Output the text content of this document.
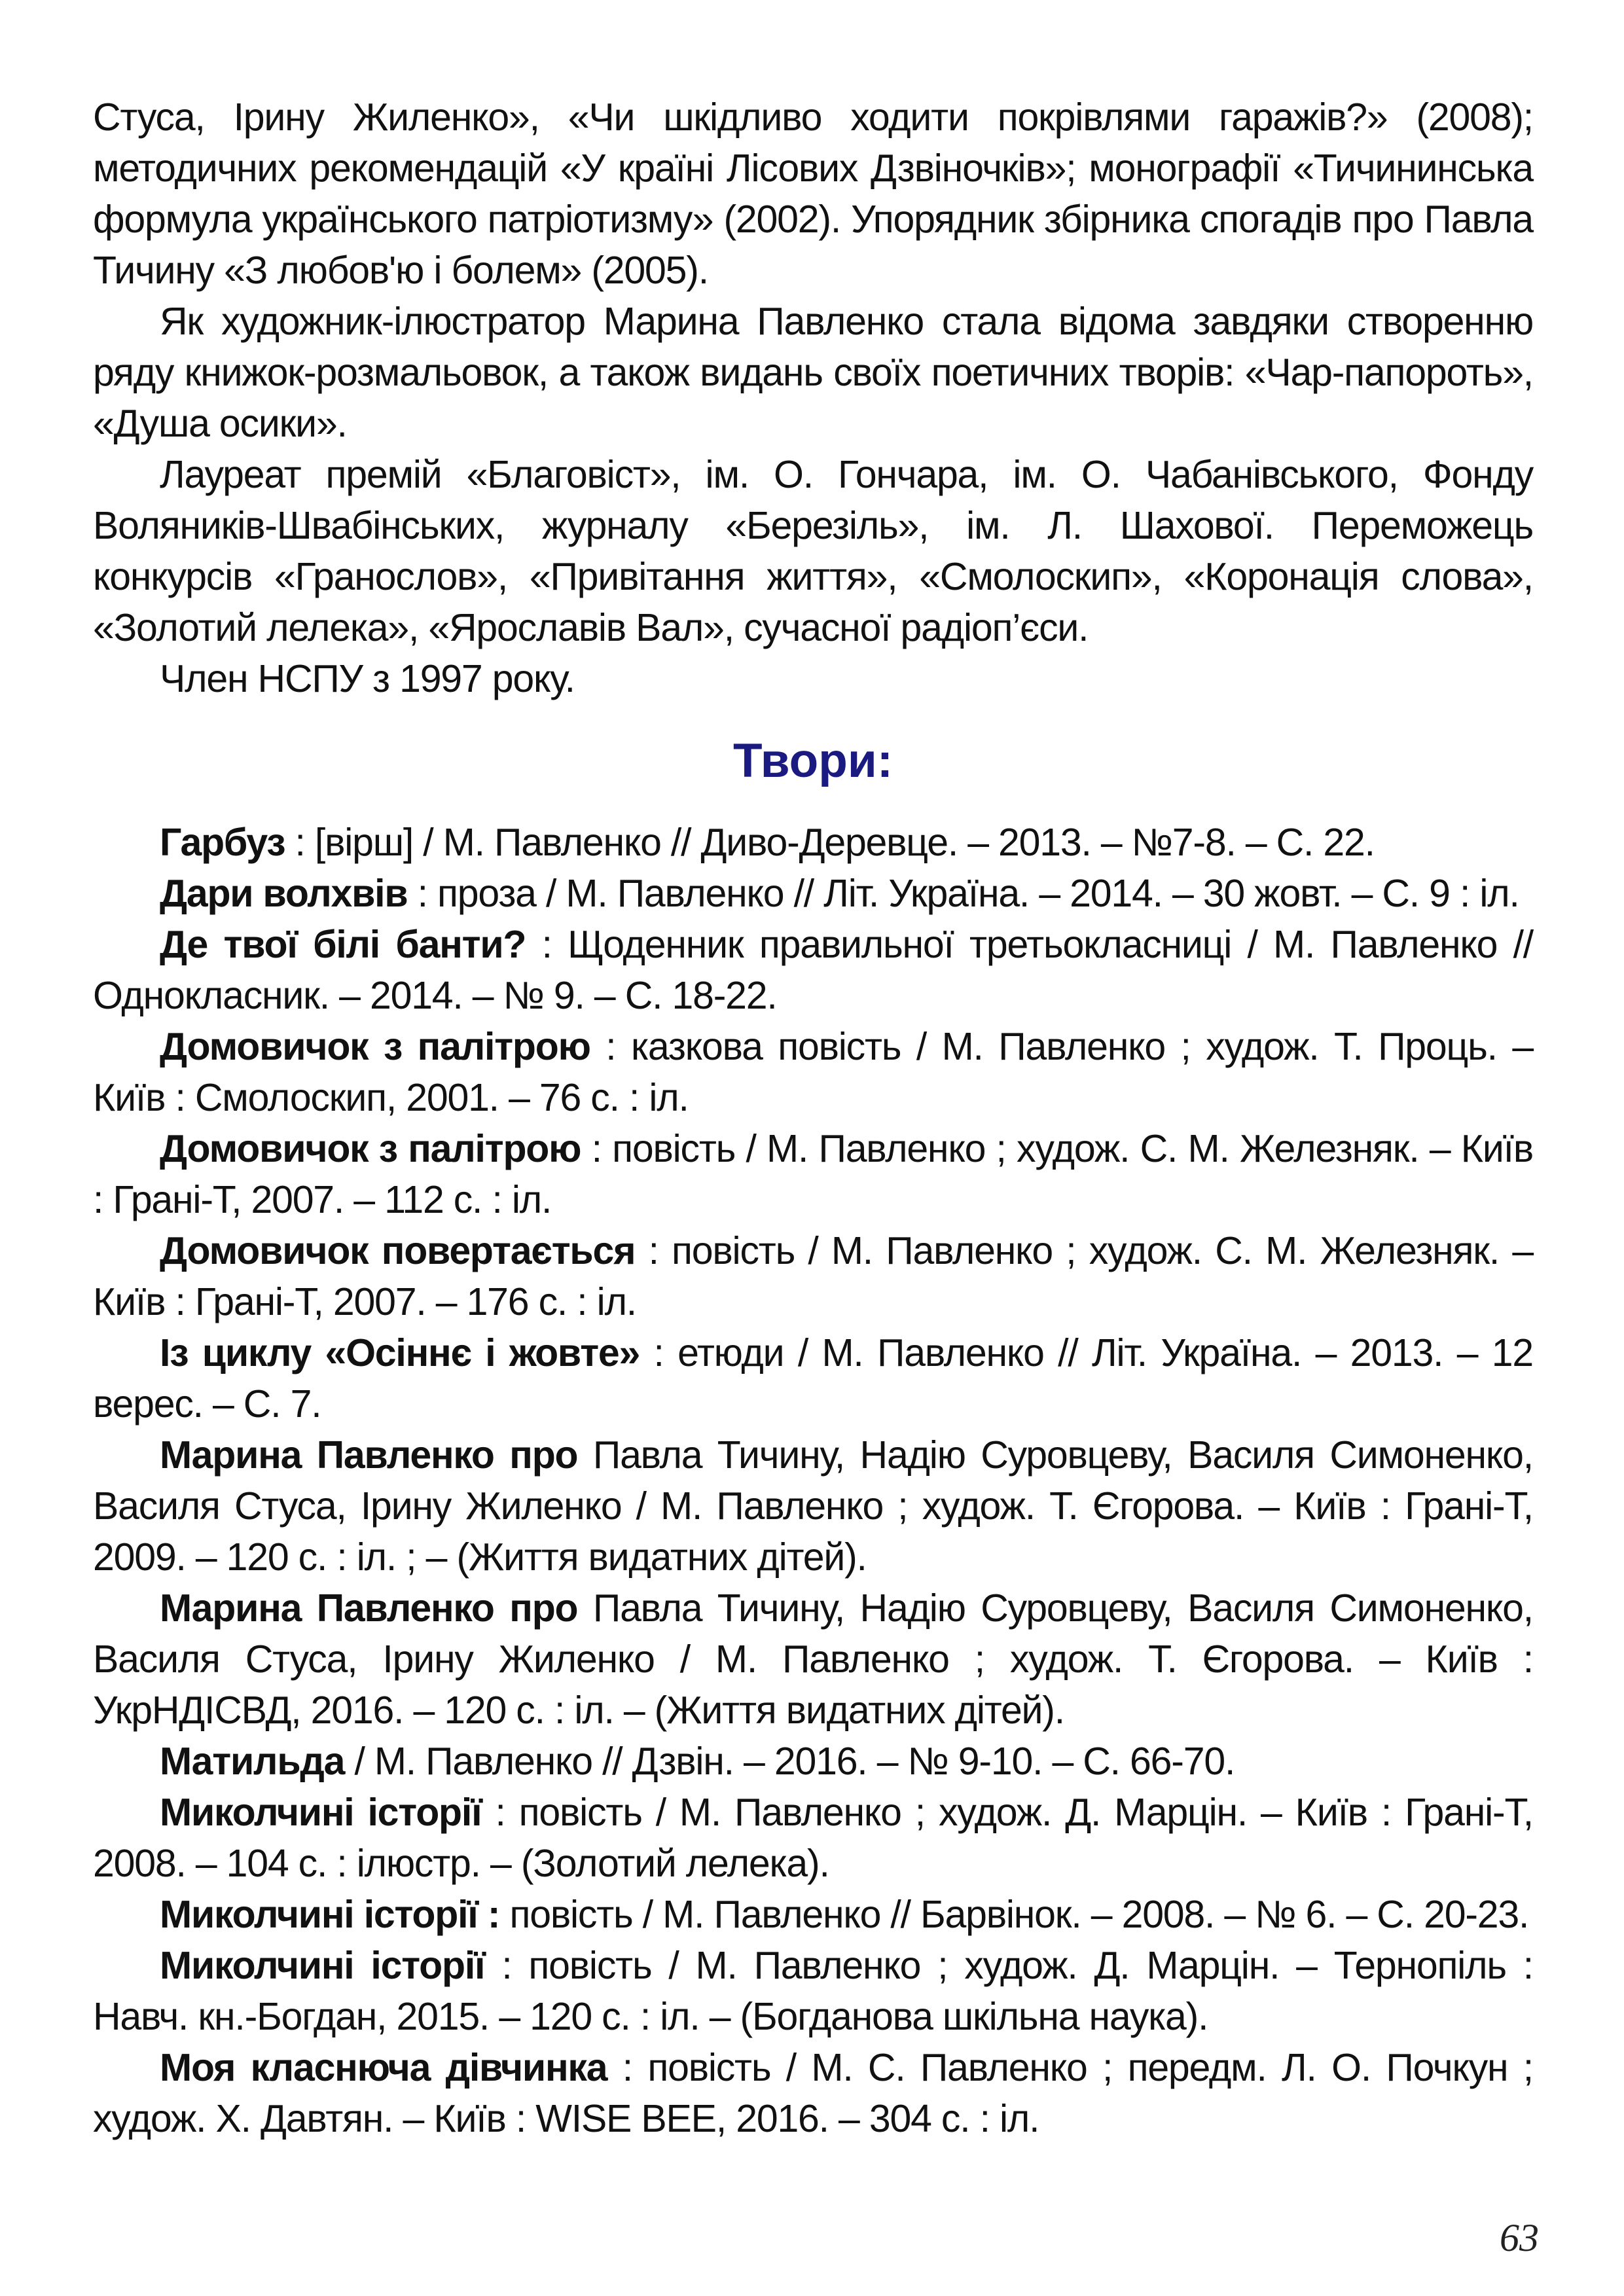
Стуса, Ірину Жиленко», «Чи шкідливо ходити покрівлями гаражів?» (2008); методичних рекомендацій «У країні Лісових Дзвіночків»; монографії «Тичининська формула українського патріотизму» (2002). Упорядник збірника спогадів про Павла Тичину «З любов'ю і болем» (2005).

Як художник-ілюстратор Марина Павленко стала відома завдяки створенню ряду книжок-розмальовок, а також видань своїх поетичних творів: «Чар-папороть», «Душа осики».

Лауреат премій «Благовіст», ім. О. Гончара, ім. О. Чабанівського, Фонду Воляників-Швабінських, журналу «Березіль», ім. Л. Шахової. Переможець конкурсів «Гранослов», «Привітання життя», «Смолоскип», «Коронація слова», «Золотий лелека», «Ярославів Вал», сучасної радіоп’єси.

Член НСПУ з 1997 року.

Твори:

Гарбуз : [вірш] / М. Павленко // Диво-Деревце. – 2013. – №7-8. – С. 22.

Дари волхвів : проза / М. Павленко // Літ. Україна. – 2014. – 30 жовт. – С. 9 : іл.

Де твої білі банти? : Щоденник правильної третьокласниці / М. Павленко // Однокласник. – 2014. – № 9. – С. 18-22.

Домовичок з палітрою : казкова повість / М. Павленко ; худож. Т. Проць. – Київ : Смолоскип, 2001. – 76 с. : іл.

Домовичок з палітрою : повість / М. Павленко ; худож. С. М. Железняк. – Київ : Грані-Т, 2007. – 112 с. : іл.

Домовичок повертається : повість / М. Павленко ; худож. С. М. Железняк. – Київ : Грані-Т, 2007. – 176 с. : іл.

Із циклу «Осіннє і жовте» : етюди / М. Павленко // Літ. Україна. – 2013. – 12 верес. – С. 7.

Марина Павленко про Павла Тичину, Надію Суровцеву, Василя Симоненко, Василя Стуса, Ірину Жиленко / М. Павленко ; худож. Т. Єгорова. – Київ : Грані-Т, 2009. – 120 с. : іл. ; – (Життя видатних дітей).

Марина Павленко про Павла Тичину, Надію Суровцеву, Василя Симоненко, Василя Стуса, Ірину Жиленко / М. Павленко ; худож. Т. Єгорова. – Київ : УкрНДІСВД, 2016. – 120 с. : іл. – (Життя видатних дітей).

Матильда / М. Павленко // Дзвін. – 2016. – № 9-10. – С. 66-70.

Миколчині історії : повість / М. Павленко ; худож. Д. Марцін. – Київ : Грані-Т, 2008. – 104 с. : ілюстр. – (Золотий лелека).

Миколчині історії : повість / М. Павленко // Барвінок. – 2008. – № 6. – С. 20-23.

Миколчині історії : повість / М. Павленко ; худож. Д. Марцін. – Тернопіль : Навч. кн.-Богдан, 2015. – 120 с. : іл. – (Богданова шкільна наука).

Моя класнюча дівчинка : повість / М. С. Павленко ; передм. Л. О. Почкун ; худож. Х. Давтян. – Київ : WISE BEE, 2016. – 304 с. : іл.

63
